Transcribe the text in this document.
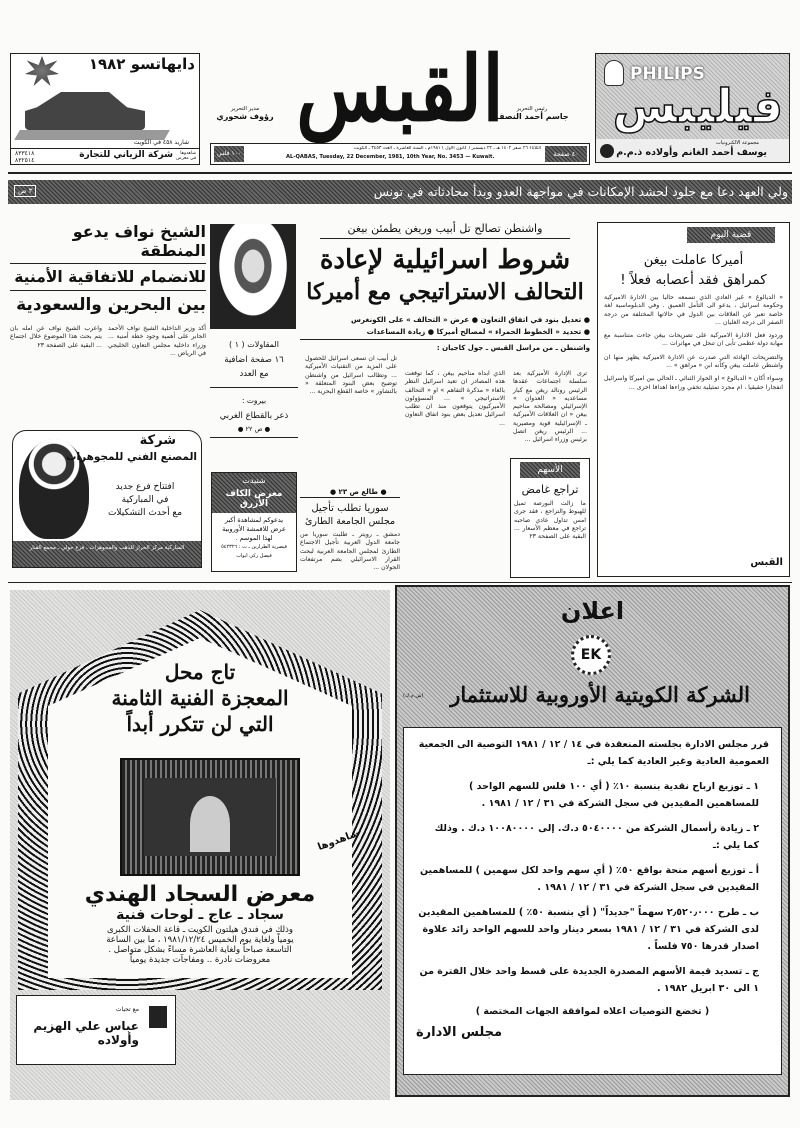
PHILIPS
فيليبس
مجموعة الالكترونيات
يوسف أحمد الغانم وأولاده ذ.م.م
رئيس التحرير
جاسم أحمد النصف
القبس
مدير التحرير
رؤوف شحوري
٤٠ صفحة
الثلاثاء ٢٦ صفر ١٤٠٢ هـ ـ ٢٢ ديسمبر ( كانون الأول ) ١٩٨١م ـ السنة العاشرة ـ العدد ٣٤٥٣ ـ الكويت
AL-QABAS, Tuesday, 22 December, 1981, 10th Year, No. 3453 — Kuwait.
١٠٠ فلس
دايهاتسو ١٩٨٢
شاريد ٤٥٨ في الكويت
شاهدوها في معرض
شركة الزياني للتجارة
٨٣٣٤١٨
٨٣٢٥١٤
ولي العهد دعا مع جلود لحشد الإمكانات في مواجهة العدو وبدأ محادثاته في تونس
٣ ص
قضية اليوم
أميركا عاملت بيغن
كمراهق فقد أعصابه فعلاً !
« الديالوغ » غير العادي الذي تسمعه حاليا بين الادارة الاميركية وحكومة اسرائيل ، يدعو الى التأمل العميق . وفي الدبلوماسية لغة خاصة تعبر عن العلاقات بين الدول في حالاتها المختلفة من درجة الصفر الى درجة الغليان ...
وردود فعل الادارة الاميركية على تصريحات بيغن جاءت متناسبة مع مهابة دولة عظمى تأبى ان تنحل في مهاترات ...
والتصريحات الهادئة التي صدرت عن الادارة الاميركية يظهر منها ان واشنطن عاملت بيغن وكأنه ابن « مراهق » ...
وسواء أكان « الديالوغ » او الحوار الثنائي ـ الحالي بين اميركا واسرائيل انفجارا حقيقيا ، ام مجرد تمثيلية تخفي وراءها اهدافا اخرى ...
القبس
واشنطن تصالح تل أبيب وريغن يطمئن بيغن
شروط اسرائيلية لإعادة
التحالف الاستراتيجي مع أميركا
● تعديل بنود في اتفاق التعاون ● عرض « التحالف » على الكونغرس
● تحديد « الخطوط الحمراء » لمصالح أميركا ● زيادة المساعدات
واشنطن ـ من مراسل القبس ـ جول كاجيان :
ترى الإدارة الأميركية بعد سلسلة اجتماعات عقدها الرئيس رونالد ريغن مع كبار مساعديه « العدوان » الإسرائيلي ومصالحة مناحيم بيغن « ان العلاقات الأميركية ـ الإسرائيلية قوية ومصيرية ... الرئيس ريغن اتصل برئيس وزراء اسرائيل ...
الذي ابداه مناحيم بيغن ، كما توقعت هذه المصادر ان تعيد اسرائيل النظر بالغاء « مذكرة التفاهم » او « التحالف الاستراتيجي » ... المسؤولون الأميركيون يتوقعون منذ ان تطلب اسرائيل تعديل بعض بنود اتفاق التعاون ...
تل أبيب ان تسعى اسرائيل للحصول على المزيد من التقنيات الأميركية ... وتطالب اسرائيل من واشنطن توضيح بعض البنود المتعلقة « بالتشاور » خاصة القطع البحرية ...
● طالع ص ٢٣ ●
الأسهم
تراجع غامض
ما زالت البورصة تميل للهبوط والتراجع ، فقد جرى امس تداول عادي صاحبه تراجع في معظم الأسعار ... البقية على الصفحة ٢٣
سوريا تطلب تأجيل
مجلس الجامعة الطارئ
دمشق ـ رويتر ـ طلبت سوريا من جامعة الدول العربية تأجيل الاجتماع الطارئ لمجلس الجامعة العربية لبحث القرار الاسرائيلي بضم مرتفعات الجولان ...
الشيخ نواف يدعو المنطقة
للانضمام للاتفاقية الأمنية
بين البحرين والسعودية
أكد وزير الداخلية الشيخ نواف الأحمد الجابر على أهمية وجود خطة أمنية ... وزراء داخلية مجلس التعاون الخليجي في الرياض ...
واعرب الشيخ نواف عن امله بان يتم بحث هذا الموضوع خلال اجتماع ... البقية على الصفحة ٢٣	المقاولات ( ١ )
١٦ صفحة اضافية
مع العدد
بيروت :
ذعر بالقطاع الغربي
● ص ٢٢ ●
شنيدت
معرض الكاف الأزرق
يدعوكم لمشاهدة أكبر
عرض للاقمشة الأوروبية
لهذا الموسم .
قيصرية الطرارين ـ ت : ٥٤٢٣٢٦
فيصل ركي ابواب
شركة
المصنع الفني للمجوهرات
افتتاح فرع جديد
في المباركية
مع أحدث التشكيلات
المباركية مركز الخراز للذهب والمجوهرات ـ فرع حولي ـ مجمع الفنار
تاج محل
المعجزة الفنية الثامنة
التي لن تتكرر أبداً
شاهدوها
معرض السجاد الهندي
سجاد ـ عاج ـ لوحات فنية
وذلك في فندق هيلتون الكويت ـ قاعة الحفلات الكبرى
يومياً ولغاية يوم الخميس ١٩٨١/١٢/٢٤ ، ما بين الساعة
التاسعة صباحاً ولغاية العاشرة مساءً بشكل متواصل .
معروضات نادرة .. ومفاجآت جديدة يومياً
مع تحيات
عباس علي الهزيم وأولاده
اعلان
EK
الشركة الكويتية الأوروبية للاستثمار
(ش.م.ك)
قرر مجلس الادارة بجلسته المنعقدة في ١٤ / ١٢ / ١٩٨١ التوصية الى الجمعية العمومية العادية وغير العادية كما يلي :ـ
١ ـ توزيع ارباح نقدية بنسبة ١٠٪ ( أي ١٠٠ فلس للسهم الواحد ) للمساهمين المقيدين في سجل الشركة في ٣١ / ١٢ / ١٩٨١ .
٢ ـ زيادة رأسمال الشركة من ٥٠٤٠٠٠٠ د.ك. إلى ١٠٠٨٠٠٠٠ د.ك . وذلك كما يلي :ـ
أ ـ توزيع أسهم منحة بواقع ٥٠٪ ( أي سهم واحد لكل سهمين ) للمساهمين المقيدين في سجل الشركة في ٣١ / ١٢ / ١٩٨١ .
ب ـ طرح ٢٫٥٢٠٫٠٠٠ سهماً "جديداً" ( أي بنسبة ٥٠٪ ) للمساهمين المقيدين لدى الشركة في ٣١ / ١٢ / ١٩٨١ بسعر دينار واحد للسهم الواحد زائد علاوة اصدار قدرها ٧٥٠ فلساً .
ج ـ تسديد قيمة الأسهم المصدرة الجديدة على قسط واحد خلال الفترة من ١ الى ٣٠ ابريل ١٩٨٢ .
( تخضع التوصيات اعلاه لموافقة الجهات المختصة )
مجلس الادارة
